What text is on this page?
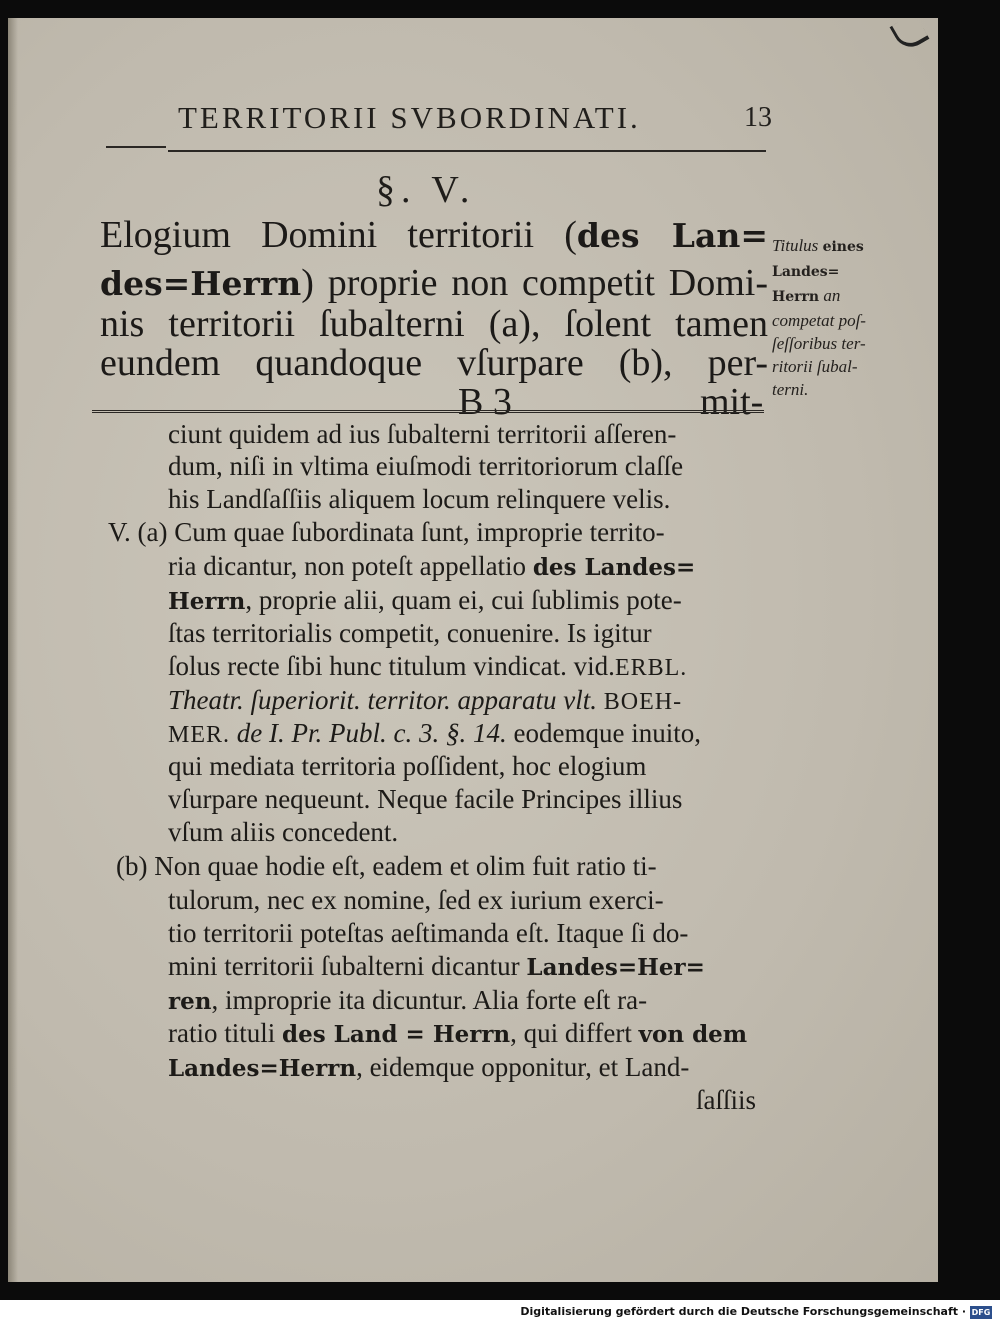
TERRITORII SVBORDINATI.	13
§. V.
Elogium Domini territorii (des Lan=
des=Herrn) proprie non competit Domi-
nis territorii ſubalterni (a), ſolent tamen
eundem quandoque vſurpare (b), per-
B 3	mit-
Titulus eines
Landes=
Herrn an
competat poſ-
ſeſſoribus ter-
ritorii ſubal-
terni.
ciunt quidem ad ius ſubalterni territorii aſſeren-
dum, niſi in vltima eiuſmodi territoriorum claſſe
his Landſaſſiis aliquem locum relinquere velis.
V. (a) Cum quae ſubordinata ſunt, improprie territo-
ria dicantur, non poteſt appellatio des Landes=
Herrn, proprie alii, quam ei, cui ſublimis pote-
ſtas territorialis competit, conuenire. Is igitur
ſolus recte ſibi hunc titulum vindicat. vid.ERBL.
Theatr. ſuperiorit. territor. apparatu vlt. BOEH-
MER. de I. Pr. Publ. c. 3. §. 14. eodemque inuito,
qui mediata territoria poſſident, hoc elogium
vſurpare nequeunt. Neque facile Principes illius
vſum aliis concedent.
(b) Non quae hodie eſt, eadem et olim fuit ratio ti-
tulorum, nec ex nomine, ſed ex iurium exerci-
tio territorii poteſtas aeſtimanda eſt. Itaque ſi do-
mini territorii ſubalterni dicantur Landes=Her=
ren, improprie ita dicuntur. Alia forte eſt ra-
ratio tituli des Land = Herrn, qui differt von dem
Landes=Herrn, eidemque opponitur, et Land-
ſaſſiis
Digitalisierung gefördert durch die Deutsche Forschungsgemeinschaft · DFG
